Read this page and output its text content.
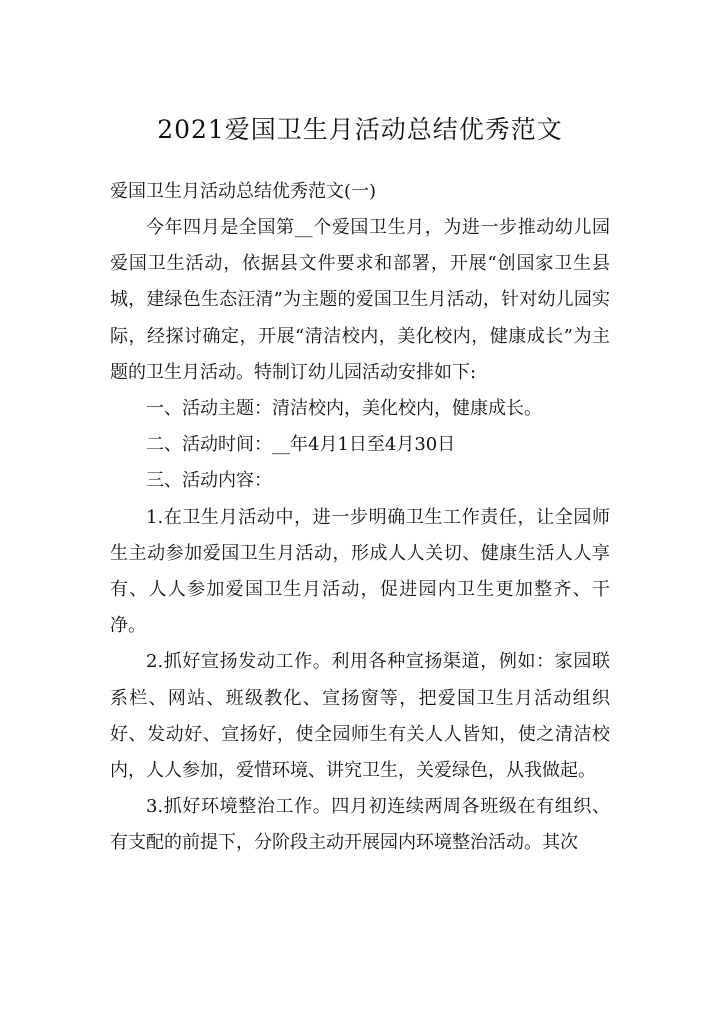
2021爱国卫生月活动总结优秀范文
爱国卫生月活动总结优秀范文(一)

今年四月是全国第__个爱国卫生月，为进一步推动幼儿园爱国卫生活动，依据县文件要求和部署，开展“创国家卫生县城，建绿色生态汪清”为主题的爱国卫生月活动，针对幼儿园实际，经探讨确定，开展“清洁校内，美化校内，健康成长”为主题的卫生月活动。特制订幼儿园活动安排如下:

一、活动主题：清洁校内，美化校内，健康成长。

二、活动时间：__年4月1日至4月30日

三、活动内容：

1.在卫生月活动中，进一步明确卫生工作责任，让全园师生主动参加爱国卫生月活动，形成人人关切、健康生活人人享有、人人参加爱国卫生月活动，促进园内卫生更加整齐、干净。

2.抓好宣扬发动工作。利用各种宣扬渠道，例如：家园联系栏、网站、班级教化、宣扬窗等，把爱国卫生月活动组织好、发动好、宣扬好，使全园师生有关人人皆知，使之清洁校内，人人参加，爱惜环境、讲究卫生，关爱绿色，从我做起。

3.抓好环境整治工作。四月初连续两周各班级在有组织、有支配的前提下，分阶段主动开展园内环境整治活动。其次
